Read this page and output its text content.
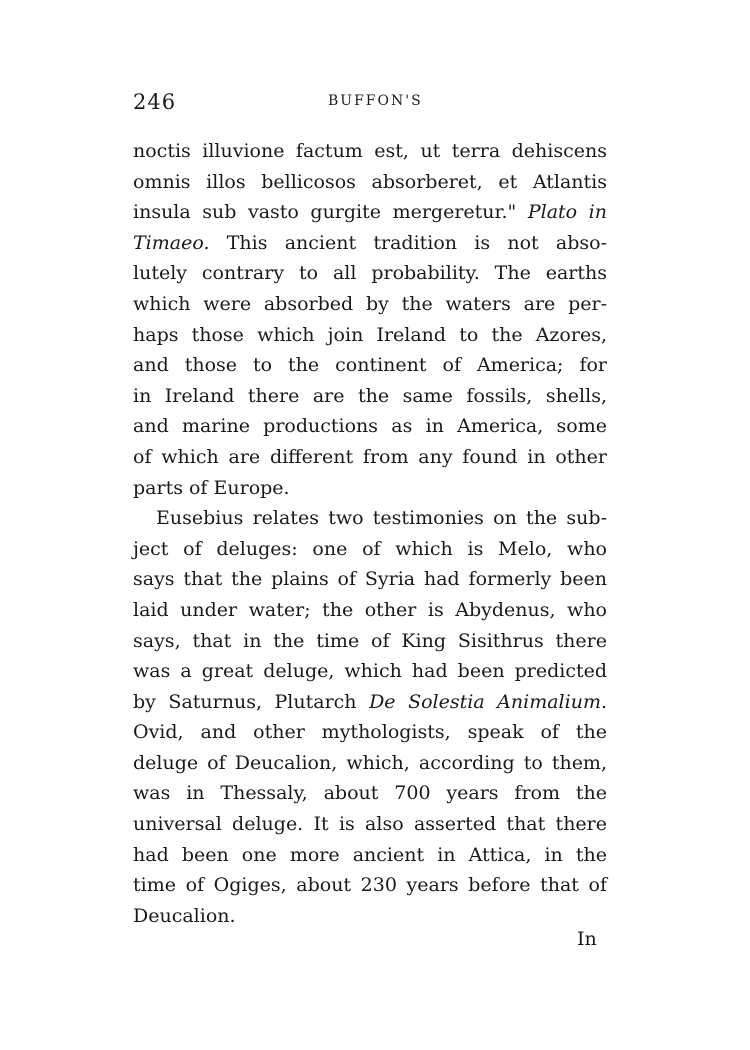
246	BUFFON'S
noctis illuvione factum est, ut terra dehiscens
omnis illos bellicosos absorberet, et Atlantis
insula sub vasto gurgite mergeretur." Plato in
Timaeo. This ancient tradition is not abso-
lutely contrary to all probability. The earths
which were absorbed by the waters are per-
haps those which join Ireland to the Azores,
and those to the continent of America; for
in Ireland there are the same fossils, shells,
and marine productions as in America, some
of which are different from any found in other
parts of Europe.
Eusebius relates two testimonies on the sub-
ject of deluges: one of which is Melo, who
says that the plains of Syria had formerly been
laid under water; the other is Abydenus, who
says, that in the time of King Sisithrus there
was a great deluge, which had been predicted
by Saturnus, Plutarch De Solestia Animalium.
Ovid, and other mythologists, speak of the
deluge of Deucalion, which, according to them,
was in Thessaly, about 700 years from the
universal deluge. It is also asserted that there
had been one more ancient in Attica, in the
time of Ogiges, about 230 years before that of
Deucalion.
In
